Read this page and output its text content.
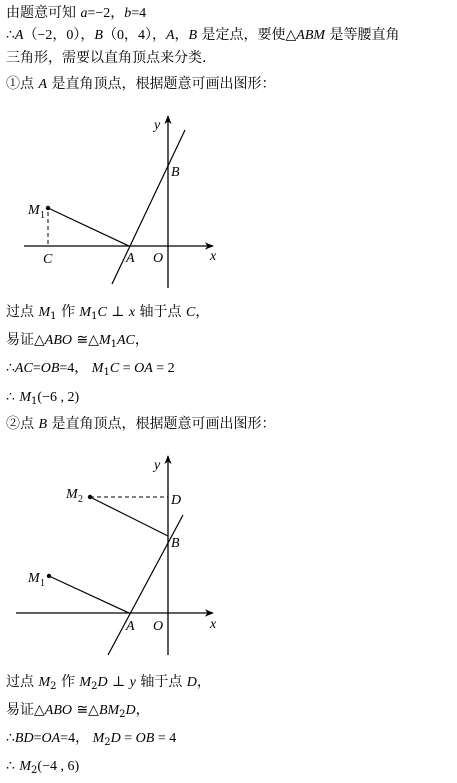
由题意可知 a=−2，b=4
∴A（−2，0），B（0，4），A，B 是定点，要使△ABM 是等腰直角
三角形，需要以直角顶点来分类.
①点 A 是直角顶点，根据题意可画出图形：
y
x
B
M 1
C	A O
过点 $M_1$ 作 $M_1C$ ⊥ x 轴于点 C，
易证△ABO $≅\triangle M_1AC$，
∴AC=OB=4， $M_1C$ = OA = 2
∴ $M_1(-6$ , 2)
②点 B 是直角顶点，根据题意可画出图形：
y
x
D
B
M 2
M 1
A O
过点 $M_2$ 作 $M_2D$ ⊥ y 轴于点 D，
易证△ABO $≅\triangle BM_2D$，
∴BD=OA=4， $M_2D$ = OB = 4
∴ $M_2(-4$ , 6)
